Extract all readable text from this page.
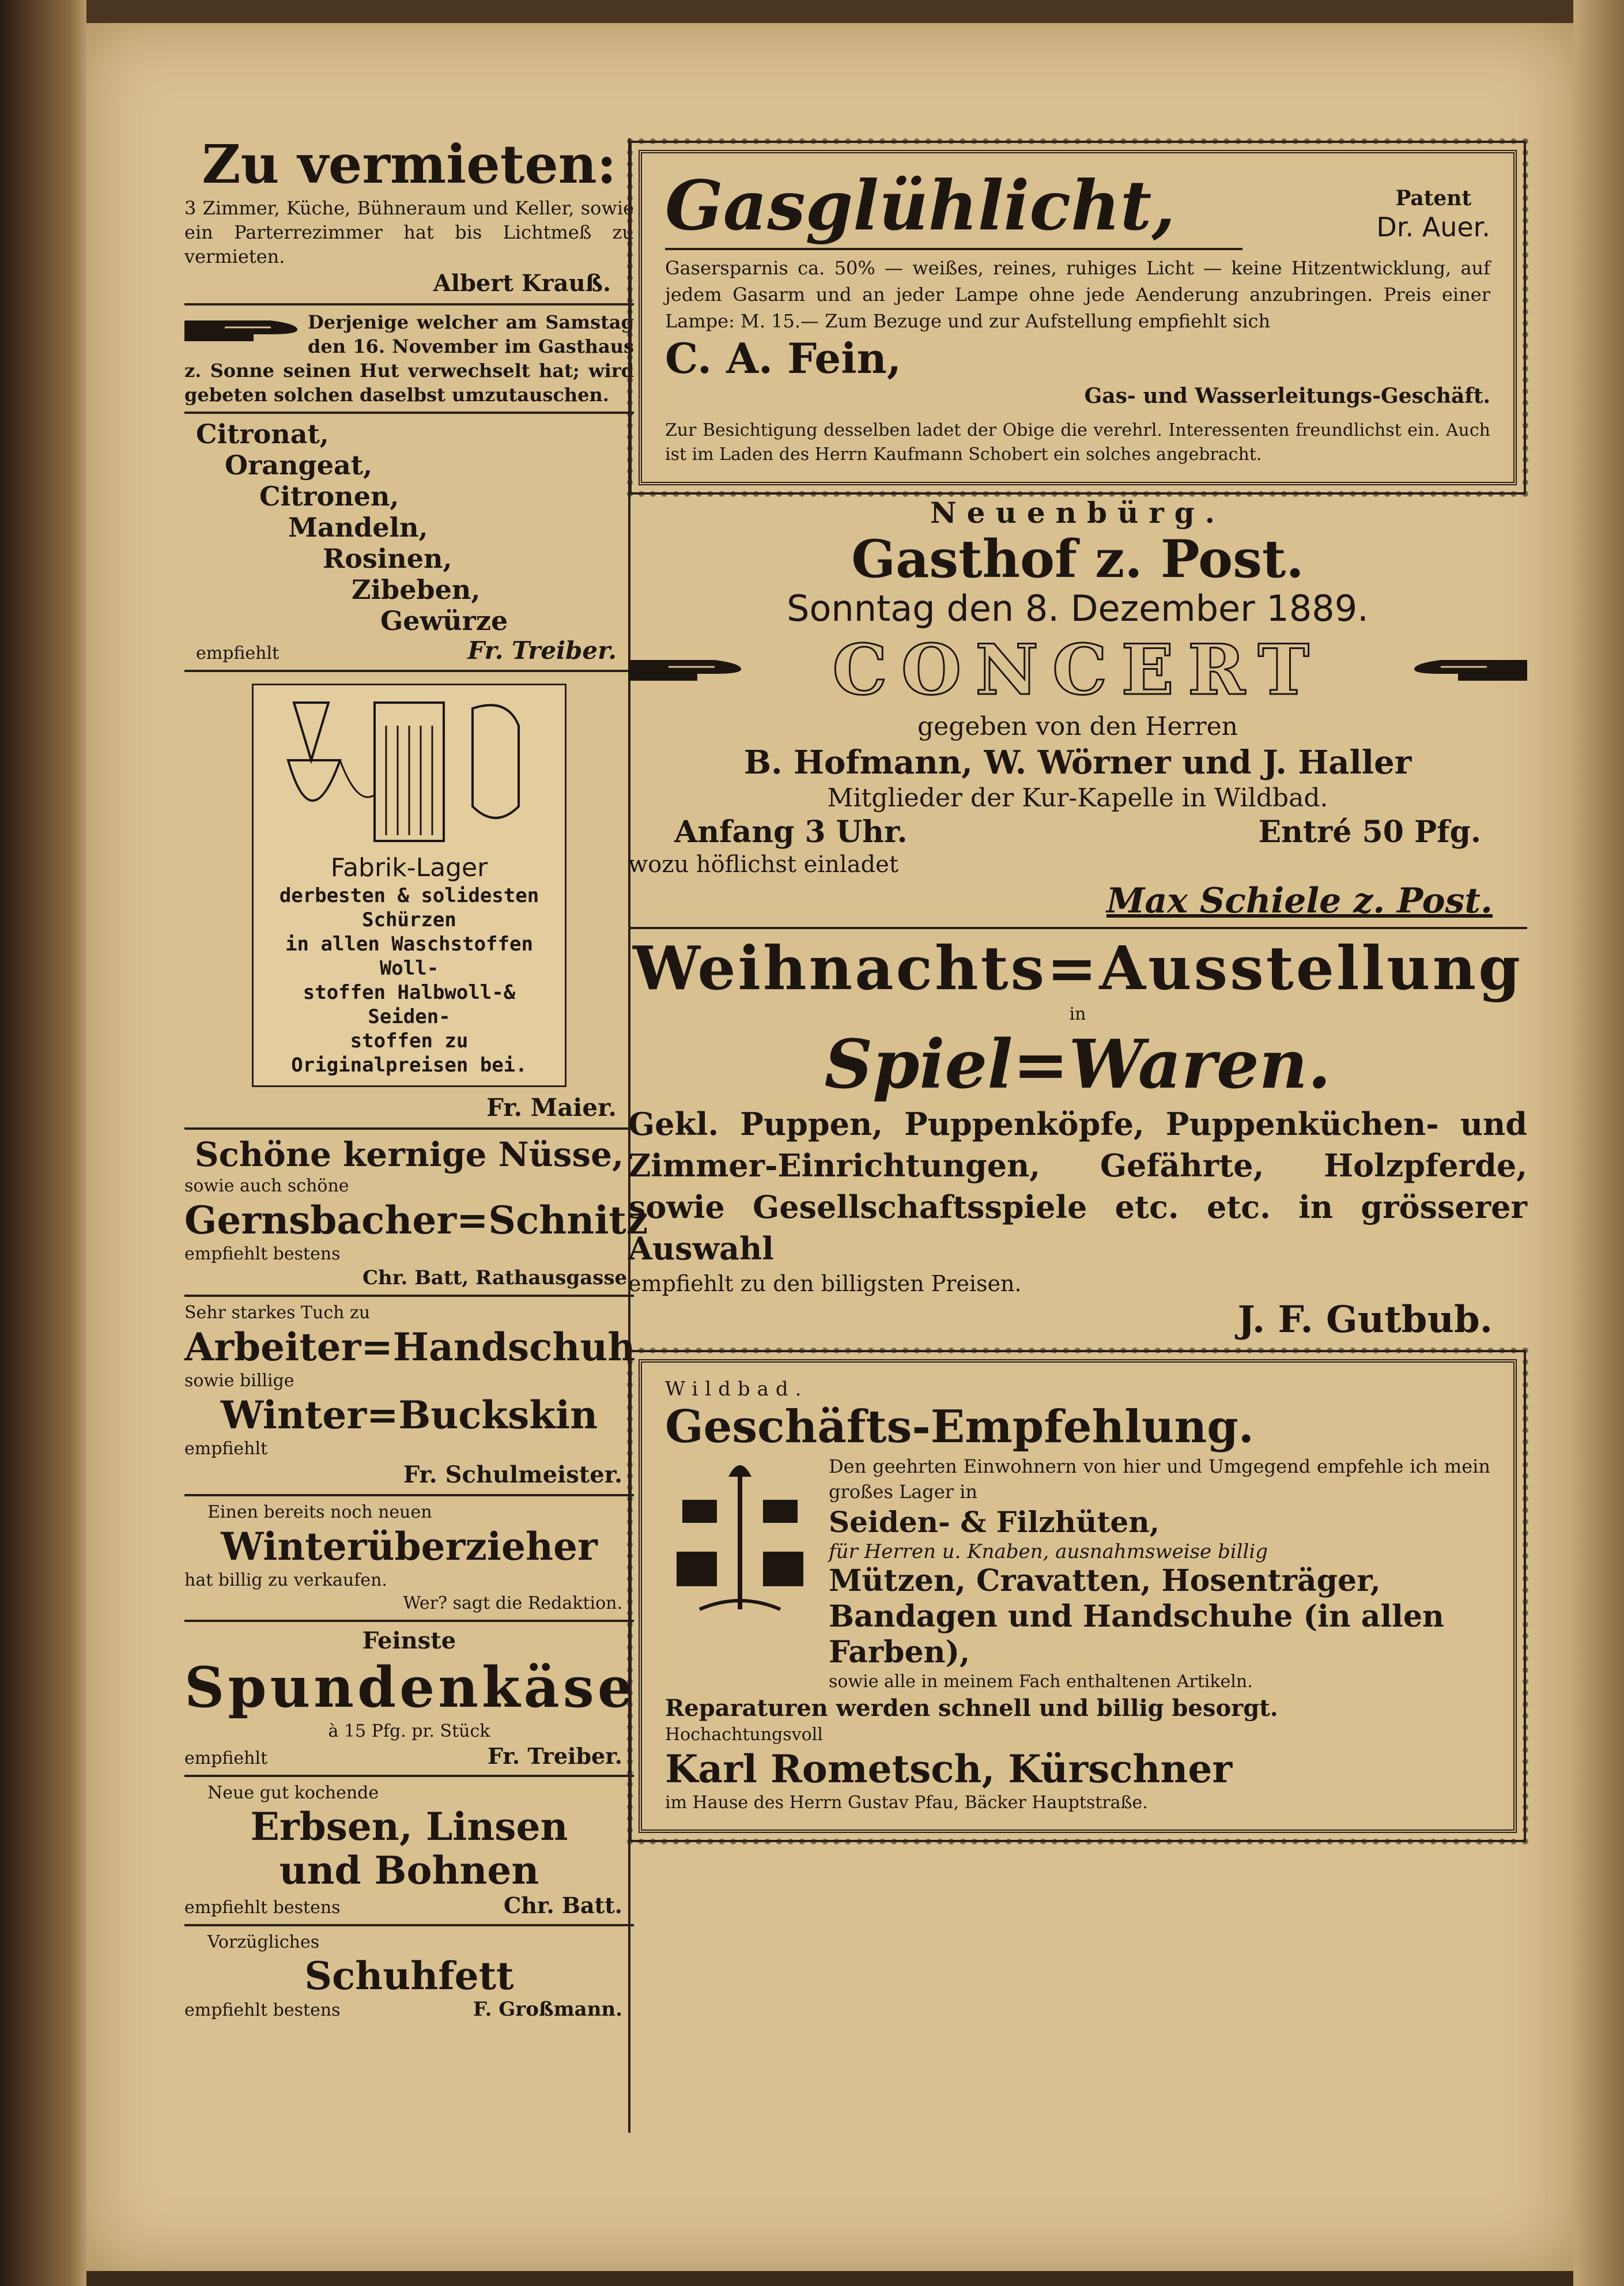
Zu vermieten:
3 Zimmer, Küche, Bühneraum und Keller, sowie ein Parterrezimmer hat bis Lichtmeß zu vermieten.
Albert Krauß.
Derjenige welcher am Samstag den 16. November im Gasthaus z. Sonne seinen Hut verwechselt hat; wird gebeten solchen daselbst umzutauschen.
Citronat,
Orangeat,
Citronen,
Mandeln,
Rosinen,
Zibeben,
Gewürze
empfiehlt	Fr. Treiber.
Fabrik-Lager
derbesten & solidesten Schürzen
in allen Waschstoffen Woll-
stoffen Halbwoll-& Seiden-
stoffen zu Originalpreisen bei.
Fr. Maier.
Schöne kernige Nüsse,
sowie auch schöne
Gernsbacher=Schnitz
empfiehlt bestens
Chr. Batt, Rathausgasse.
Sehr starkes Tuch zu
Arbeiter=Handschuh
sowie billige
Winter=Buckskin
empfiehlt
Fr. Schulmeister.
Einen bereits noch neuen
Winterüberzieher
hat billig zu verkaufen.
Wer? sagt die Redaktion.
Feinste
Spundenkäse
à 15 Pfg. pr. Stück
empfiehlt	Fr. Treiber.
Neue gut kochende
Erbsen, Linsen
und Bohnen
empfiehlt bestens	Chr. Batt.
Vorzügliches
Schuhfett
empfiehlt bestens	F. Großmann.
Gasglühlicht,	Patent
Dr. Auer.
Gasersparnis ca. 50% — weißes, reines, ruhiges Licht — keine Hitzentwicklung, auf jedem Gasarm und an jeder Lampe ohne jede Aenderung anzubringen. Preis einer Lampe: M. 15.— Zum Bezuge und zur Aufstellung empfiehlt sich
C. A. Fein,
Gas- und Wasserleitungs-Geschäft.
Zur Besichtigung desselben ladet der Obige die verehrl. Interessenten freundlichst ein. Auch ist im Laden des Herrn Kaufmann Schobert ein solches angebracht.
Neuenbürg.
Gasthof z. Post.
Sonntag den 8. Dezember 1889.
CONCERT
gegeben von den Herren
B. Hofmann, W. Wörner und J. Haller
Mitglieder der Kur-Kapelle in Wildbad.
Anfang 3 Uhr.	Entré 50 Pfg.
wozu höflichst einladet
Max Schiele z. Post.
Weihnachts=Ausstellung
in
Spiel=Waren.
Gekl. Puppen, Puppenköpfe, Puppenküchen- und Zimmer-Einrichtungen, Gefährte, Holzpferde, sowie Gesellschaftsspiele etc. etc. in grösserer Auswahl
empfiehlt zu den billigsten Preisen.
J. F. Gutbub.
Wildbad.
Geschäfts-Empfehlung.
Den geehrten Einwohnern von hier und Umgegend empfehle ich mein großes Lager in
Seiden- & Filzhüten,
für Herren u. Knaben, ausnahmsweise billig
Mützen, Cravatten, Hosenträger, Bandagen und Handschuhe (in allen Farben),
sowie alle in meinem Fach enthaltenen Artikeln.
Reparaturen werden schnell und billig besorgt.
Hochachtungsvoll
Karl Rometsch, Kürschner
im Hause des Herrn Gustav Pfau, Bäcker Hauptstraße.
